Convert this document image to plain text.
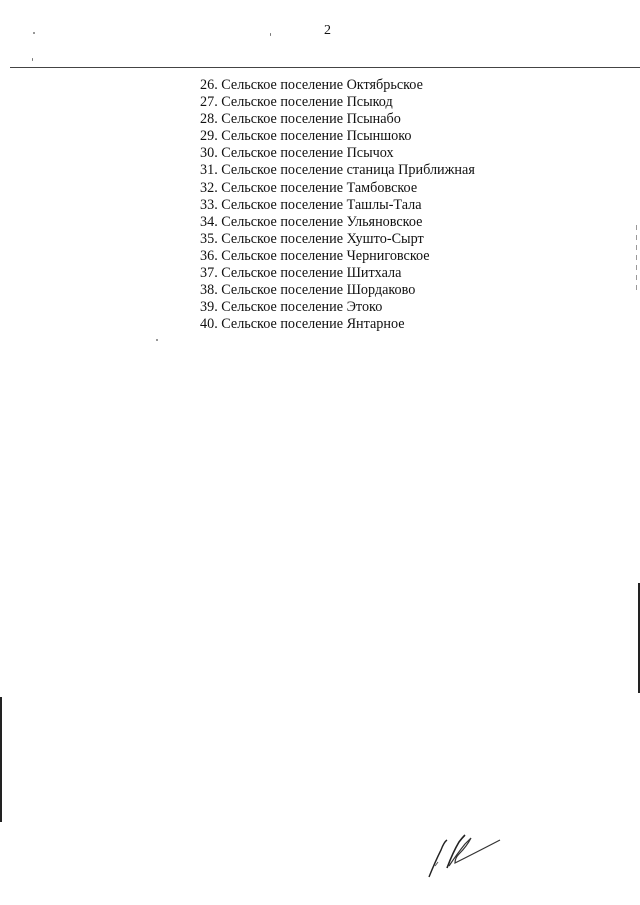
2
26. Сельское поселение Октябрьское
27. Сельское поселение Псыкод
28. Сельское поселение Псынабо
29. Сельское поселение Псыншоко
30. Сельское поселение Псычох
31. Сельское поселение станица Приближная
32. Сельское поселение Тамбовское
33. Сельское поселение Ташлы-Тала
34. Сельское поселение Ульяновское
35. Сельское поселение Хуштο-Сырт
36. Сельское поселение Черниговское
37. Сельское поселение Шитхала
38. Сельское поселение Шордаково
39. Сельское поселение Этоко
40. Сельское поселение Янтарное
